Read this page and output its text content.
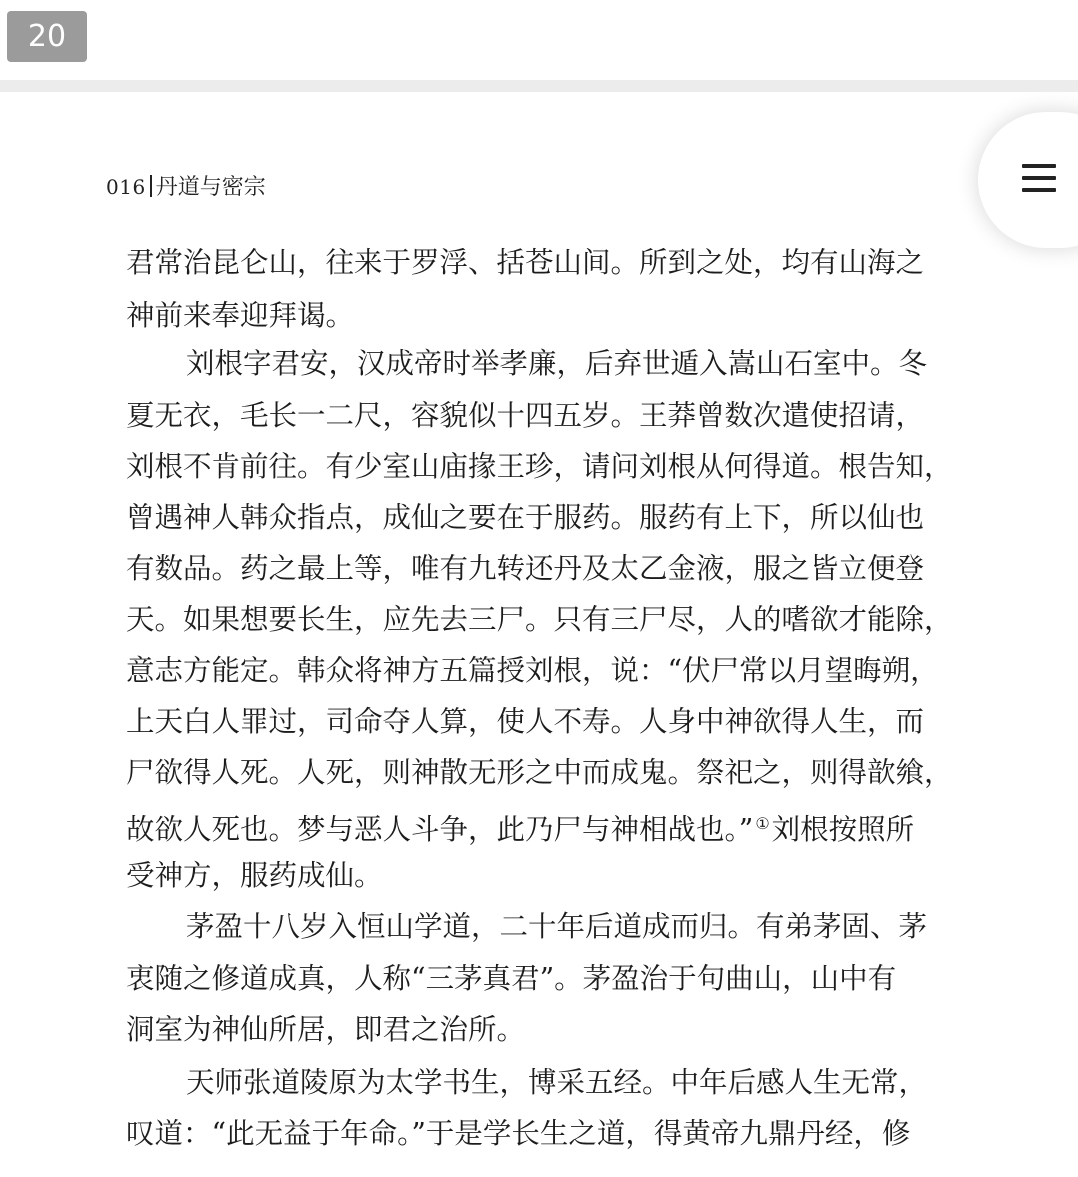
20
016 丹道与密宗
君常治昆仑山，往来于罗浮、括苍山间。所到之处，均有山海之
神前来奉迎拜谒。
刘根字君安，汉成帝时举孝廉，后弃世遁入嵩山石室中。冬
夏无衣，毛长一二尺，容貌似十四五岁。王莽曾数次遣使招请，
刘根不肯前往。有少室山庙掾王珍，请问刘根从何得道。根告知，
曾遇神人韩众指点，成仙之要在于服药。服药有上下，所以仙也
有数品。药之最上等，唯有九转还丹及太乙金液，服之皆立便登
天。如果想要长生，应先去三尸。只有三尸尽，人的嗜欲才能除，
意志方能定。韩众将神方五篇授刘根，说：“伏尸常以月望晦朔，
上天白人罪过，司命夺人算，使人不寿。人身中神欲得人生，而
尸欲得人死。人死，则神散无形之中而成鬼。祭祀之，则得歆飨，
故欲人死也。梦与恶人斗争，此乃尸与神相战也。” ①刘根按照所
受神方，服药成仙。
茅盈十八岁入恒山学道，二十年后道成而归。有弟茅固、茅
衷随之修道成真，人称“三茅真君”。茅盈治于句曲山，山中有
洞室为神仙所居，即君之治所。
天师张道陵原为太学书生，博采五经。中年后感人生无常，
叹道：“此无益于年命。”于是学长生之道，得黄帝九鼎丹经，修
